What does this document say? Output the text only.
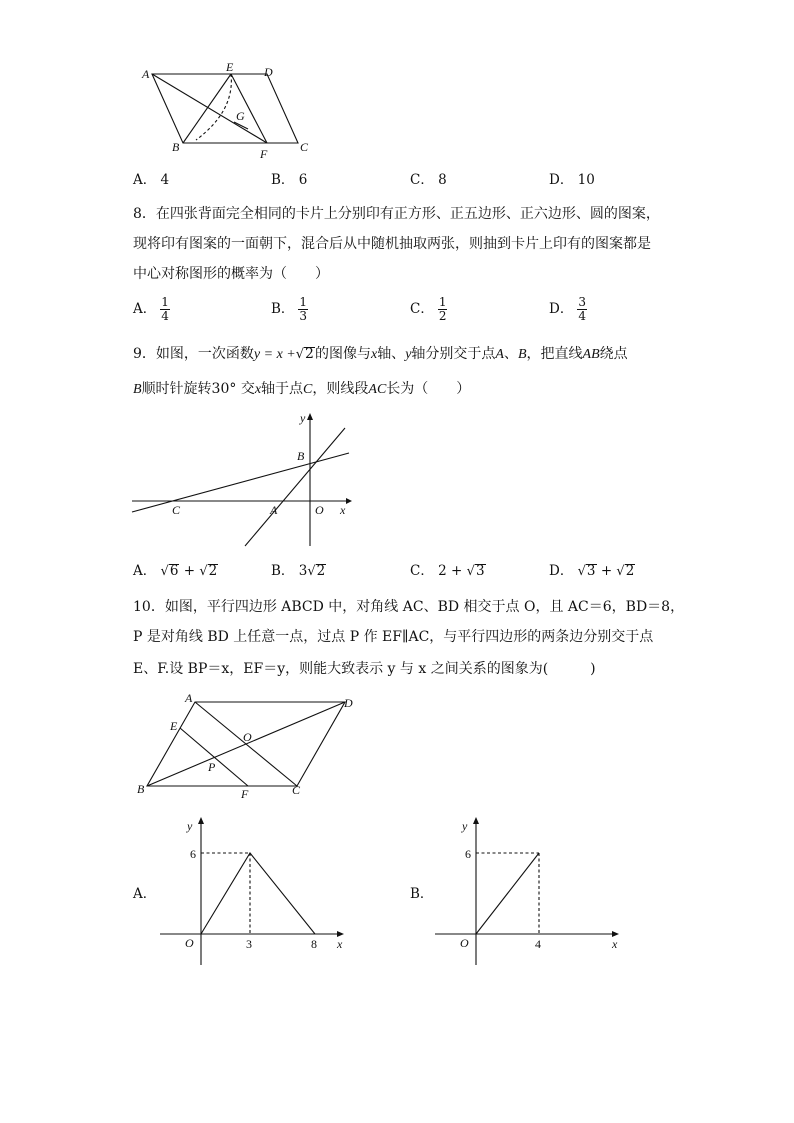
A	E	D
B	F	C
G
A． 4	B． 6	C． 8	D． 10
8．在四张背面完全相同的卡片上分别印有正方形、正五边形、正六边形、圆的图案，
现将印有图案的一面朝下，混合后从中随机抽取两张，则抽到卡片上印有的图案都是
中心对称图形的概率为（　　）
A． $\frac{1}{4}$	B． $\frac{1}{3}$	C． $\frac{1}{2}$	D． $\frac{3}{4}$
9．如图，一次函数y = x +√2的图像与x轴、y轴分别交于点A、B，把直线AB绕点
B顺时针旋转30° 交x轴于点C，则线段AC长为（　　）
y
B
C	A	O x
A． √6 + √2	B． 3√2	C． 2 + √3	D． √3 + √2
10．如图，平行四边形 ABCD 中，对角线 AC、BD 相交于点 O，且 AC＝6，BD＝8，
P 是对角线 BD 上任意一点，过点 P 作 EF∥AC，与平行四边形的两条边分别交于点
E、F.设 BP＝x，EF＝y，则能大致表示 y 与 x 之间关系的图象为(　　　)
A	D
E
O
P
B	F	C
A．
y
6
O	3	8 x
B．
y
6
O	4	x
